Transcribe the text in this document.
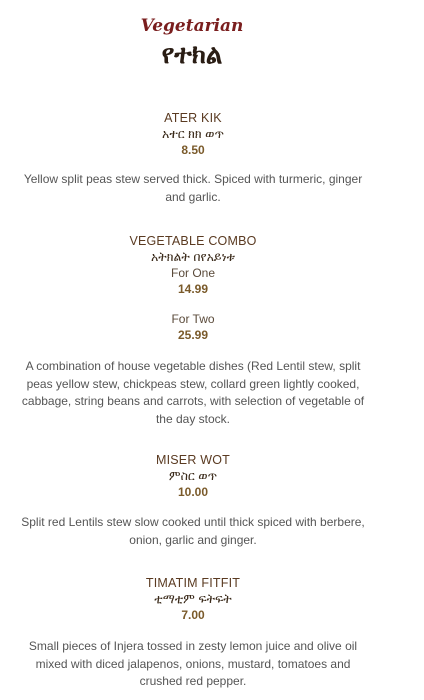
Vegetarian
የተክል
ATER KIK
አተር ክክ ወጥ
8.50
Yellow split peas stew served thick. Spiced with turmeric, ginger and garlic.
VEGETABLE COMBO
አትክልት በየአይነቱ
For One
14.99
For Two
25.99
A combination of house vegetable dishes (Red Lentil stew, split peas yellow stew, chickpeas stew, collard green lightly cooked, cabbage, string beans and carrots, with selection of vegetable of the day stock.
MISER WOT
ምስር ወጥ
10.00
Split red Lentils stew slow cooked until thick spiced with berbere, onion, garlic and ginger.
TIMATIM FITFIT
ቲማቲም ፍትፍት
7.00
Small pieces of Injera tossed in zesty lemon juice and olive oil mixed with diced jalapenos, onions, mustard, tomatoes and crushed red pepper.
